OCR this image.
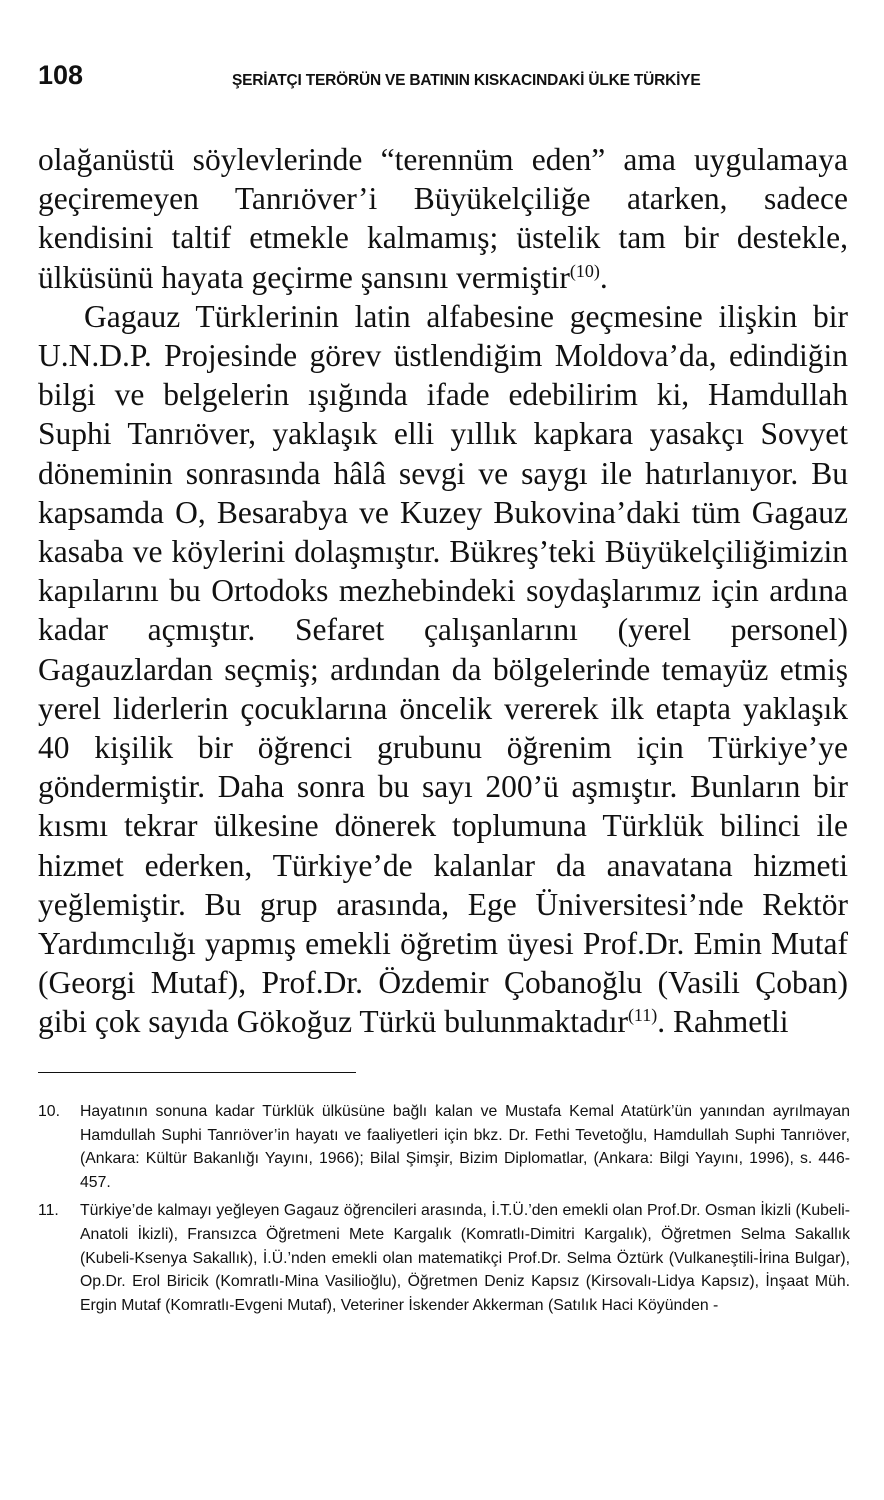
108	ŞERİATÇI TERÖRÜN VE BATININ KISKACINDAKİ ÜLKE TÜRKİYE

olağanüstü söylevlerinde “terennüm eden” ama uygulamaya geçiremeyen Tanrıöver’i Büyükelçiliğe atarken, sadece kendisini taltif etmekle kalmamış; üstelik tam bir destekle, ülküsünü hayata geçirme şansını vermiştir$^{(10)}$.

Gagauz Türklerinin latin alfabesine geçmesine ilişkin bir U.N.D.P. Projesinde görev üstlendiğim Moldova’da, edindiğin bilgi ve belgelerin ışığında ifade edebilirim ki, Hamdullah Suphi Tanrıöver, yaklaşık elli yıllık kapkara yasakçı Sovyet döneminin sonrasında hâlâ sevgi ve saygı ile hatırlanıyor. Bu kapsamda O, Besarabya ve Kuzey Bukovina’daki tüm Gagauz kasaba ve köylerini dolaşmıştır. Bükreş’teki Büyükelçiliğimizin kapılarını bu Ortodoks mezhebindeki soydaşlarımız için ardına kadar açmıştır. Sefaret çalışanlarını (yerel personel) Gagauzlardan seçmiş; ardından da bölgelerinde temayüz etmiş yerel liderlerin çocuklarına öncelik vererek ilk etapta yaklaşık 40 kişilik bir öğrenci grubunu öğrenim için Türkiye’ye göndermiştir. Daha sonra bu sayı 200’ü aşmıştır. Bunların bir kısmı tekrar ülkesine dönerek toplumuna Türklük bilinci ile hizmet ederken, Türkiye’de kalanlar da anavatana hizmeti yeğlemiştir. Bu grup arasında, Ege Üniversitesi’nde Rektör Yardımcılığı yapmış emekli öğretim üyesi Prof.Dr. Emin Mutaf (Georgi Mutaf), Prof.Dr. Özdemir Çobanoğlu (Vasili Çoban) gibi çok sayıda Gökoğuz Türkü bulunmaktadır$^{(11)}$. Rahmetli

10.	Hayatının sonuna kadar Türklük ülküsüne bağlı kalan ve Mustafa Kemal Atatürk’ün yanından ayrılmayan Hamdullah Suphi Tanrıöver’in hayatı ve faaliyetleri için bkz. Dr. Fethi Tevetoğlu, Hamdullah Suphi Tanrıöver, (Ankara: Kültür Bakanlığı Yayını, 1966); Bilal Şimşir, Bizim Diplomatlar, (Ankara: Bilgi Yayını, 1996), s. 446-457.
11.	Türkiye’de kalmayı yeğleyen Gagauz öğrencileri arasında, İ.T.Ü.’den emekli olan Prof.Dr. Osman İkizli (Kubeli-Anatoli İkizli), Fransızca Öğretmeni Mete Kargalık (Komratlı-Dimitri Kargalık), Öğretmen Selma Sakallık (Kubeli-Ksenya Sakallık), İ.Ü.’nden emekli olan matematikçi Prof.Dr. Selma Öztürk (Vulkaneştili-İrina Bulgar), Op.Dr. Erol Biricik (Komratlı-Mina Vasilioğlu), Öğretmen Deniz Kapsız (Kirsovalı-Lidya Kapsız), İnşaat Müh. Ergin Mutaf (Komratlı-Evgeni Mutaf), Veteriner İskender Akkerman (Satılık Haci Köyünden -
